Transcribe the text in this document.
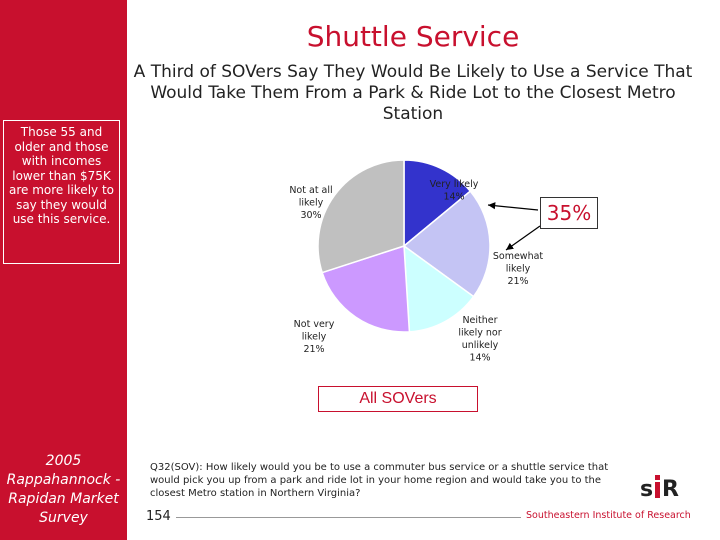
Those 55 and older and those with incomes lower than $75K are more likely to say they would use this service.
2005 Rappahannock - Rapidan Market Survey
Shuttle Service
A Third of SOVers Say They Would Be Likely to Use a Service That Would Take Them From a Park & Ride Lot to the Closest Metro Station
Very likely 14%
Somewhat likely 21%
Neither likely nor unlikely 14%
Not very likely 21%
Not at all likely 30%	35%
All SOVers
Q32(SOV): How likely would you be to use a commuter bus service or a shuttle service that would pick you up from a park and ride lot in your home region and would take you to the closest Metro station in Northern Virginia?
154	Southeastern Institute of Research
s R
